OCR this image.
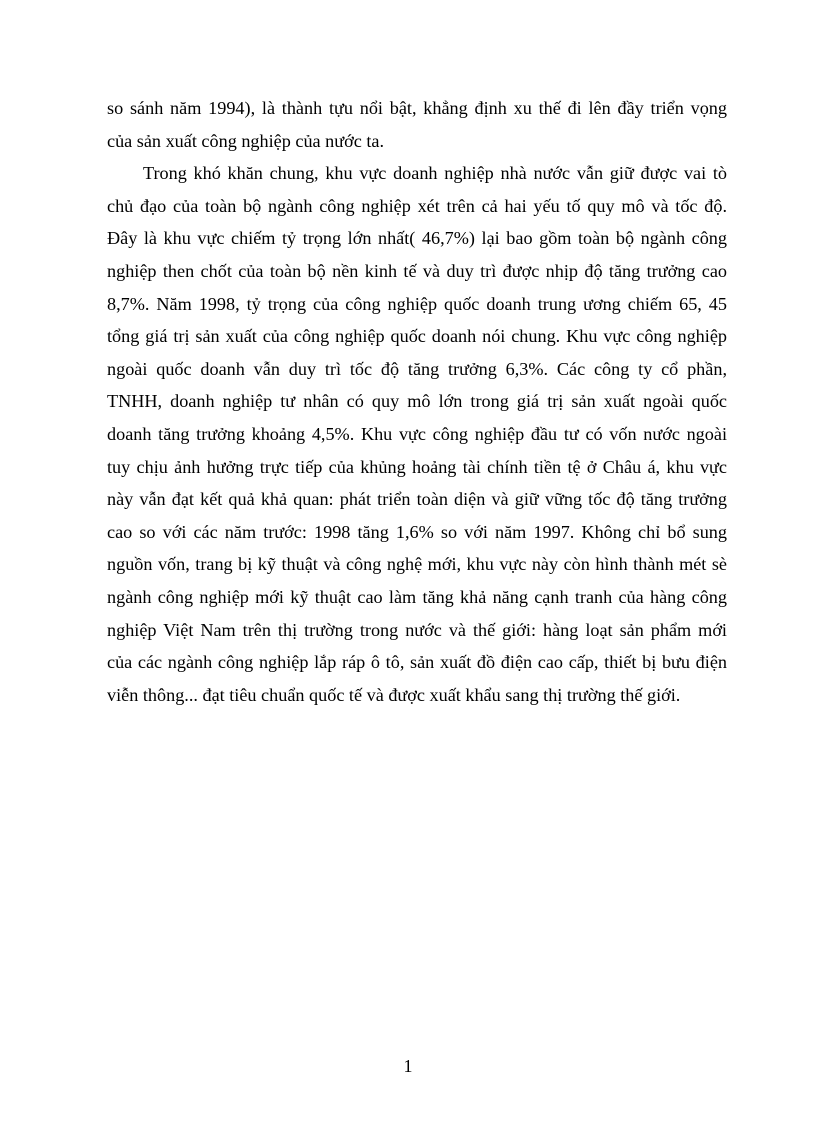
so sánh năm 1994), là thành tựu nổi bật, khẳng định xu thế đi lên đầy triển vọng
của sản xuất công nghiệp của nước ta.
Trong khó khăn chung, khu vực doanh nghiệp nhà nước vẫn giữ được vai tò
chủ đạo của toàn bộ ngành công nghiệp xét trên cả hai yếu tố quy mô và tốc độ.
Đây là khu vực chiếm tỷ trọng lớn nhất( 46,7%) lại bao gồm toàn bộ ngành công
nghiệp then chốt của toàn bộ nền kinh tế và duy trì được nhịp độ tăng trưởng cao
8,7%. Năm 1998, tỷ trọng của công nghiệp quốc doanh trung ương chiếm 65, 45
tổng giá trị sản xuất của công nghiệp quốc doanh nói chung. Khu vực công nghiệp
ngoài quốc doanh vẫn duy trì tốc độ tăng trưởng 6,3%. Các công ty cổ phần,
TNHH, doanh nghiệp tư nhân có quy mô lớn trong giá trị sản xuất ngoài quốc
doanh tăng trưởng khoảng 4,5%. Khu vực công nghiệp đầu tư có vốn nước ngoài
tuy chịu ảnh hưởng trực tiếp của khủng hoảng tài chính tiền tệ ở Châu á, khu vực
này vẫn đạt kết quả khả quan: phát triển toàn diện và giữ vững tốc độ tăng trưởng
cao so với các năm trước: 1998 tăng 1,6% so với năm 1997. Không chỉ bổ sung
nguồn vốn, trang bị kỹ thuật và công nghệ mới, khu vực này còn hình thành mét sè
ngành công nghiệp mới kỹ thuật cao làm tăng khả năng cạnh tranh của hàng công
nghiệp Việt Nam trên thị trường trong nước và thế giới: hàng loạt sản phẩm mới
của các ngành công nghiệp lắp ráp ô tô, sản xuất đồ điện cao cấp, thiết bị bưu điện
viễn thông... đạt tiêu chuẩn quốc tế và được xuất khẩu sang thị trường thế giới.
1
